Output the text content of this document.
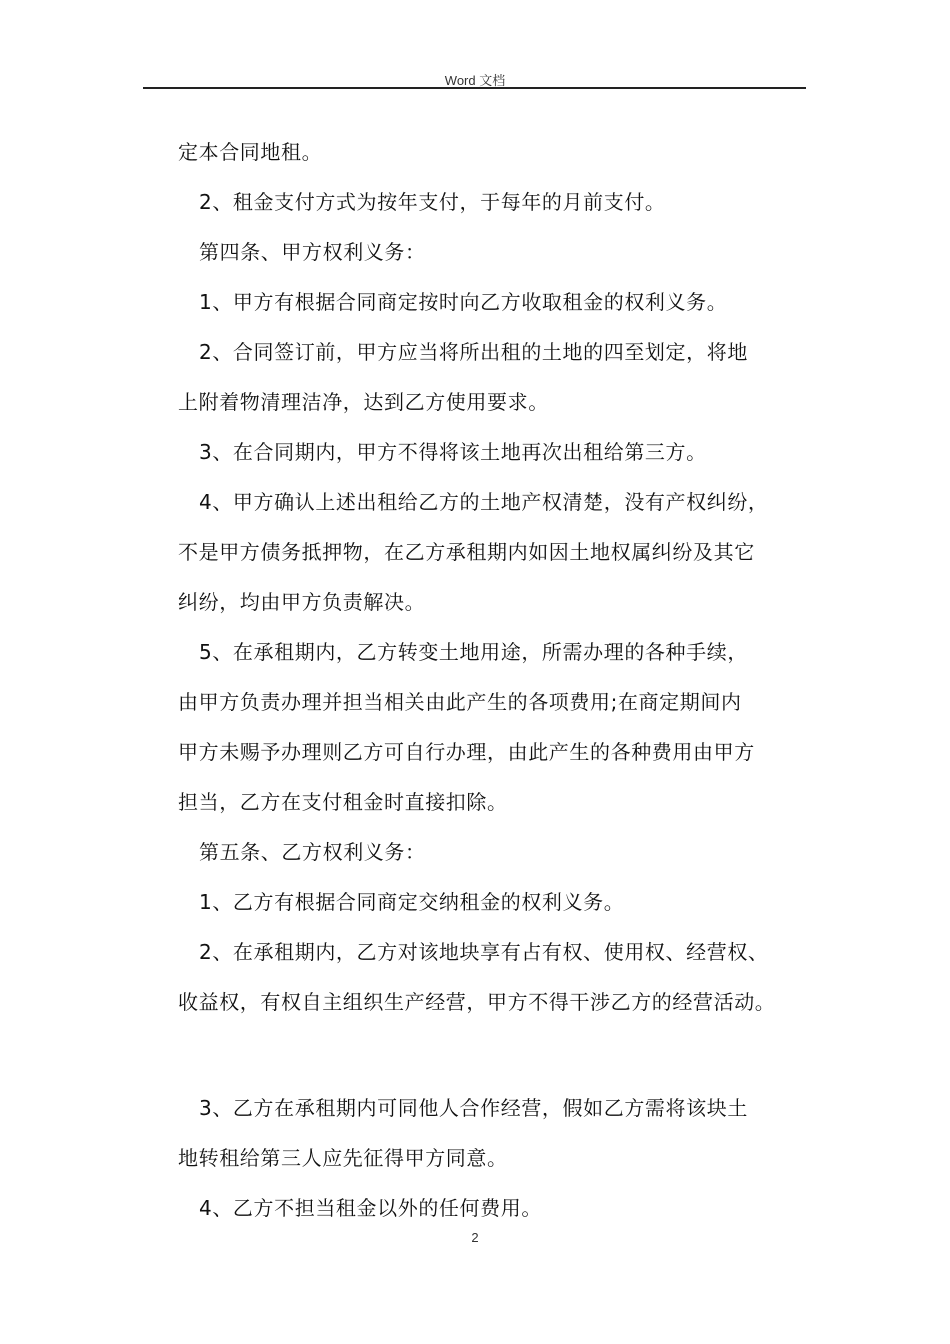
Word 文档
定本合同地租。
2、租金支付方式为按年支付，于每年的月前支付。
第四条、甲方权利义务：
1、甲方有根据合同商定按时向乙方收取租金的权利义务。
2、合同签订前，甲方应当将所出租的土地的四至划定，将地
上附着物清理洁净，达到乙方使用要求。
3、在合同期内，甲方不得将该土地再次出租给第三方。
4、甲方确认上述出租给乙方的土地产权清楚，没有产权纠纷，
不是甲方债务抵押物，在乙方承租期内如因土地权属纠纷及其它
纠纷，均由甲方负责解决。
5、在承租期内，乙方转变土地用途，所需办理的各种手续，
由甲方负责办理并担当相关由此产生的各项费用;在商定期间内
甲方未赐予办理则乙方可自行办理，由此产生的各种费用由甲方
担当，乙方在支付租金时直接扣除。
第五条、乙方权利义务：
1、乙方有根据合同商定交纳租金的权利义务。
2、在承租期内，乙方对该地块享有占有权、使用权、经营权、
收益权，有权自主组织生产经营，甲方不得干涉乙方的经营活动。
3、乙方在承租期内可同他人合作经营，假如乙方需将该块土
地转租给第三人应先征得甲方同意。
4、乙方不担当租金以外的任何费用。
2
